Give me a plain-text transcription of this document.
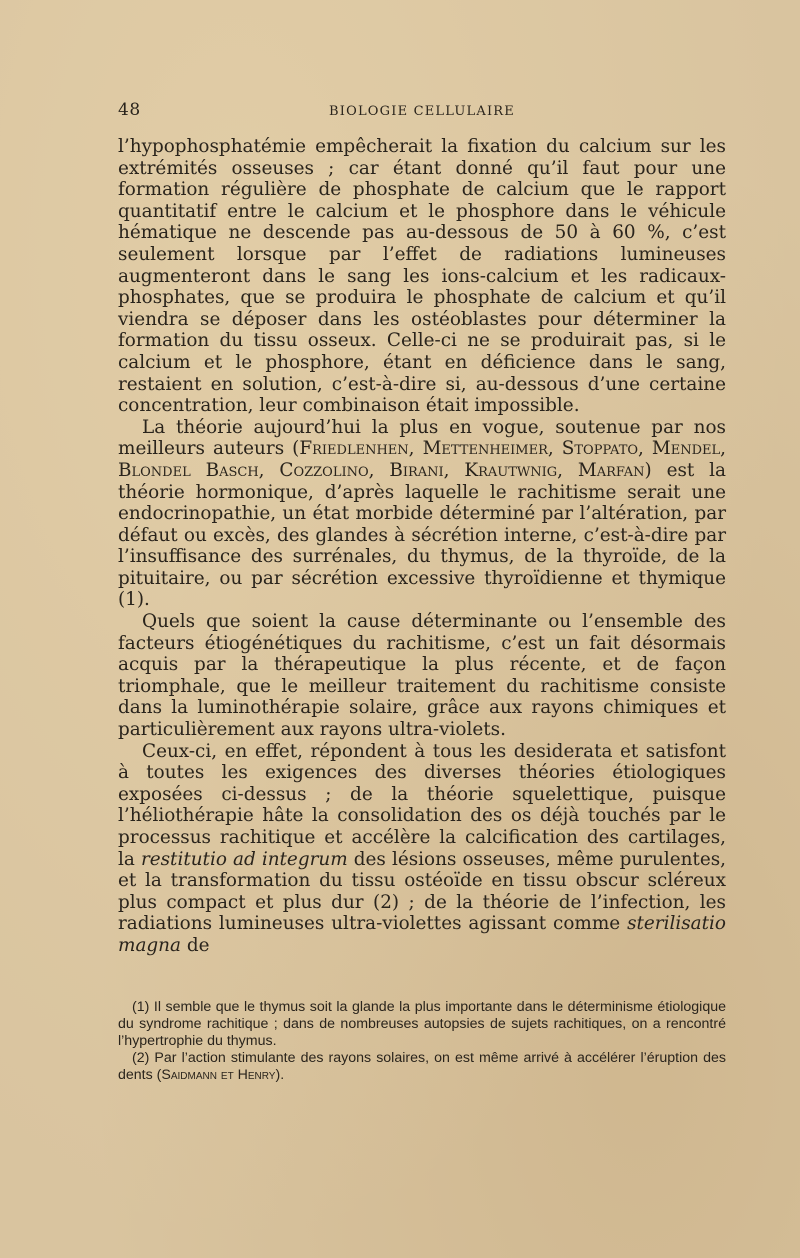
48	BIOLOGIE CELLULAIRE

l’hypophosphatémie empêcherait la fixation du calcium sur les extrémités osseuses ; car étant donné qu’il faut pour une formation régulière de phosphate de calcium que le rapport quantitatif entre le calcium et le phosphore dans le véhicule hématique ne descende pas au-dessous de 50 à 60 %, c’est seulement lorsque par l’effet de radiations lumineuses augmenteront dans le sang les ions-calcium et les radicaux-phosphates, que se produira le phosphate de calcium et qu’il viendra se déposer dans les ostéoblastes pour déterminer la formation du tissu osseux. Celle-ci ne se produirait pas, si le calcium et le phosphore, étant en déficience dans le sang, restaient en solution, c’est-à-dire si, au-dessous d’une certaine concentration, leur combinaison était impossible.

La théorie aujourd’hui la plus en vogue, soutenue par nos meilleurs auteurs (Friedlenhen, Mettenheimer, Stoppato, Mendel, Blondel Basch, Cozzolino, Birani, Krautwnig, Marfan) est la théorie hormonique, d’après laquelle le rachitisme serait une endocrinopathie, un état morbide déterminé par l’altération, par défaut ou excès, des glandes à sécrétion interne, c’est-à-dire par l’insuffisance des surrénales, du thymus, de la thyroïde, de la pituitaire, ou par sécrétion excessive thyroïdienne et thymique (1).

Quels que soient la cause déterminante ou l’ensemble des facteurs étiogénétiques du rachitisme, c’est un fait désormais acquis par la thérapeutique la plus récente, et de façon triomphale, que le meilleur traitement du rachitisme consiste dans la luminothérapie solaire, grâce aux rayons chimiques et particulièrement aux rayons ultra-violets.

Ceux-ci, en effet, répondent à tous les desiderata et satisfont à toutes les exigences des diverses théories étiologiques exposées ci-dessus ; de la théorie squelettique, puisque l’héliothérapie hâte la consolidation des os déjà touchés par le processus rachitique et accélère la calcification des cartilages, la restitutio ad integrum des lésions osseuses, même purulentes, et la transformation du tissu ostéoïde en tissu obscur scléreux plus compact et plus dur (2) ; de la théorie de l’infection, les radiations lumineuses ultra-violettes agissant comme sterilisatio magna de

(1) Il semble que le thymus soit la glande la plus importante dans le déterminisme étiologique du syndrome rachitique ; dans de nombreuses autopsies de sujets rachitiques, on a rencontré l’hypertrophie du thymus.

(2) Par l’action stimulante des rayons solaires, on est même arrivé à accélérer l’éruption des dents (Saidmann et Henry).
